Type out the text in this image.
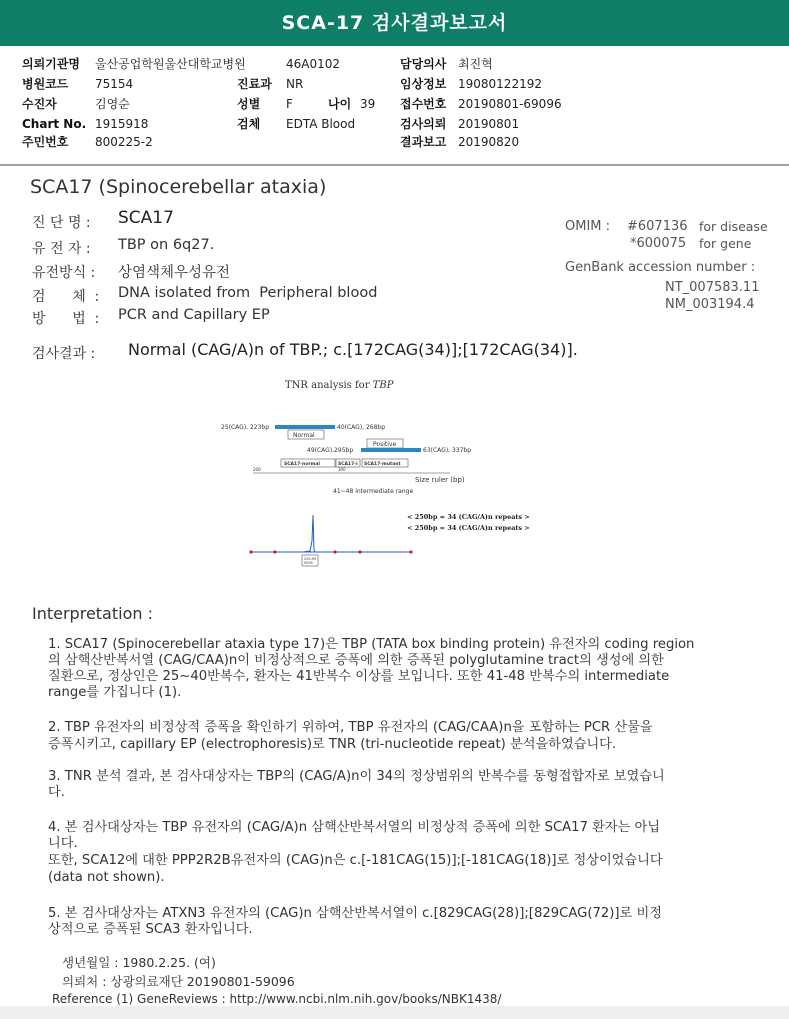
SCA-17 검사결과보고서
의뢰기관명 울산공업학원울산대학교병원	46A0102	담당의사 최진혁
병원코드 75154	진료과 NR	임상정보 19080122192
수진자	김영순	성별 F	나이 39 접수번호 20190801-69096
Chart No. 1915918	검체 EDTA Blood	검사의뢰 20190801
주민번호 800225-2	결과보고 20190820
SCA17 (Spinocerebellar ataxia)
진 단 명 : SCA17
유 전 자 : TBP on 6q27.
유전방식 : 상염색체우성유전
검      체  : DNA isolated from  Peripheral blood
방      법  : PCR and Capillary EP
OMIM : #607136 for disease
*600075 for gene
GenBank accession number :
NT_007583.11
NM_003194.4
검사결과 : Normal (CAG/A)n of TBP.; c.[172CAG(34)];[172CAG(34)].
TNR analysis for TBP
25(CAG), 223bp	40(CAG), 268bp
Normal
Positive
49(CAG),295bp	63(CAG), 337bp
200	300
SCA17-normal	SCA17-i SCA17-mutant
Size ruler (bp)
41~48 intermediate range
< 250bp = 34 (CAG/A)n repeats >
< 250bp = 34 (CAG/A)n repeats >
250.95
9005
Interpretation :
1. SCA17 (Spinocerebellar ataxia type 17)은 TBP (TATA box binding protein) 유전자의 coding region
의 삼핵산반복서열 (CAG/CAA)n이 비정상적으로 증폭에 의한 증폭된 polyglutamine tract의 생성에 의한
질환으로, 정상인은 25~40반복수, 환자는 41반복수 이상를 보입니다. 또한 41-48 반복수의 intermediate
range를 가집니다 (1).
2. TBP 유전자의 비정상적 증폭을 확인하기 위하여, TBP 유전자의 (CAG/CAA)n을 포함하는 PCR 산물을
증폭시키고, capillary EP (electrophoresis)로 TNR (tri-nucleotide repeat) 분석을하였습니다.
3. TNR 분석 결과, 본 검사대상자는 TBP의 (CAG/A)n이 34의 정상범위의 반복수를 동형접합자로 보였습니
다.
4. 본 검사대상자는 TBP 유전자의 (CAG/A)n 삼핵산반복서열의 비정상적 증폭에 의한 SCA17 환자는 아닙
니다.
또한, SCA12에 대한 PPP2R2B유전자의 (CAG)n은 c.[-181CAG(15)];[-181CAG(18)]로 정상이었습니다
(data not shown).
5. 본 검사대상자는 ATXN3 유전자의 (CAG)n 삼핵산반복서열이 c.[829CAG(28)];[829CAG(72)]로 비정
상적으로 증폭된 SCA3 환자입니다.
생년월일 : 1980.2.25. (여)
의뢰처 : 상광의료재단 20190801-59096
Reference (1) GeneReviews : http://www.ncbi.nlm.nih.gov/books/NBK1438/
